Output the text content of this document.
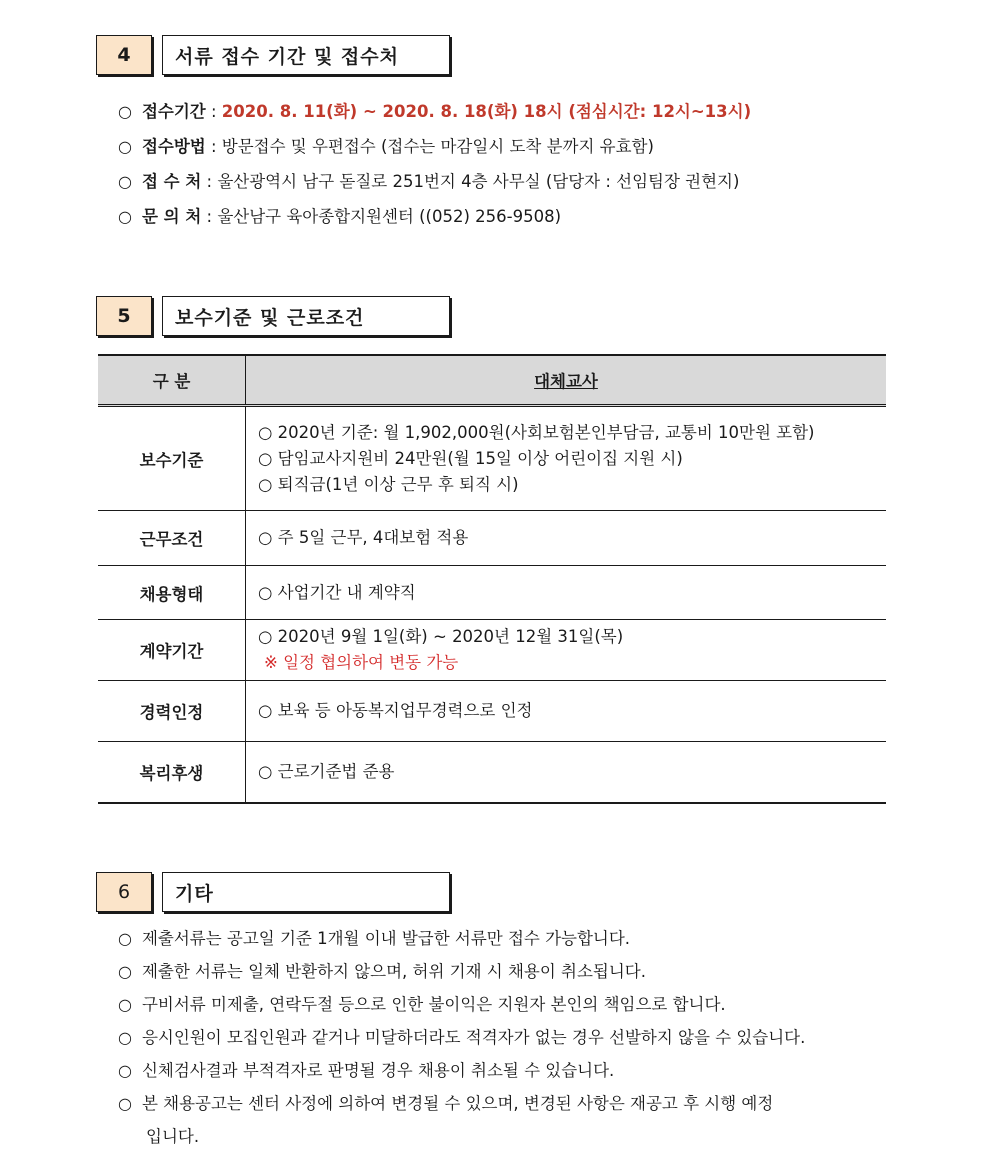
4	서류 접수 기간 및 접수처
○ 접수기간 : 2020. 8. 11(화) ~ 2020. 8. 18(화) 18시 (점심시간: 12시~13시)
○ 접수방법 : 방문접수 및 우편접수 (접수는 마감일시 도착 분까지 유효함)
○ 접 수 처 : 울산광역시 남구 돋질로 251번지 4층 사무실 (담당자 : 선임팀장 권현지)
○ 문 의 처 : 울산남구 육아종합지원센터 ((052) 256-9508)
5	보수기준 및 근로조건
구 분	대체교사
보수기준	○ 2020년 기준: 월 1,902,000원(사회보험본인부담금, 교통비 10만원 포함)
○ 담임교사지원비 24만원(월 15일 이상 어린이집 지원 시)
○ 퇴직금(1년 이상 근무 후 퇴직 시)

근무조건	○ 주 5일 근무, 4대보험 적용

채용형태	○ 사업기간 내 계약직

계약기간	○ 2020년 9월 1일(화) ~ 2020년 12월 31일(목)
※ 일정 협의하여 변동 가능

경력인정	○ 보육 등 아동복지업무경력으로 인정

복리후생	○ 근로기준법 준용
6	기타
○ 제출서류는 공고일 기준 1개월 이내 발급한 서류만 접수 가능합니다.
○ 제출한 서류는 일체 반환하지 않으며, 허위 기재 시 채용이 취소됩니다.
○ 구비서류 미제출, 연락두절 등으로 인한 불이익은 지원자 본인의 책임으로 합니다.
○ 응시인원이 모집인원과 같거나 미달하더라도 적격자가 없는 경우 선발하지 않을 수 있습니다.
○ 신체검사결과 부적격자로 판명될 경우 채용이 취소될 수 있습니다.
○ 본 채용공고는 센터 사정에 의하여 변경될 수 있으며, 변경된 사항은 재공고 후 시행 예정
입니다.
